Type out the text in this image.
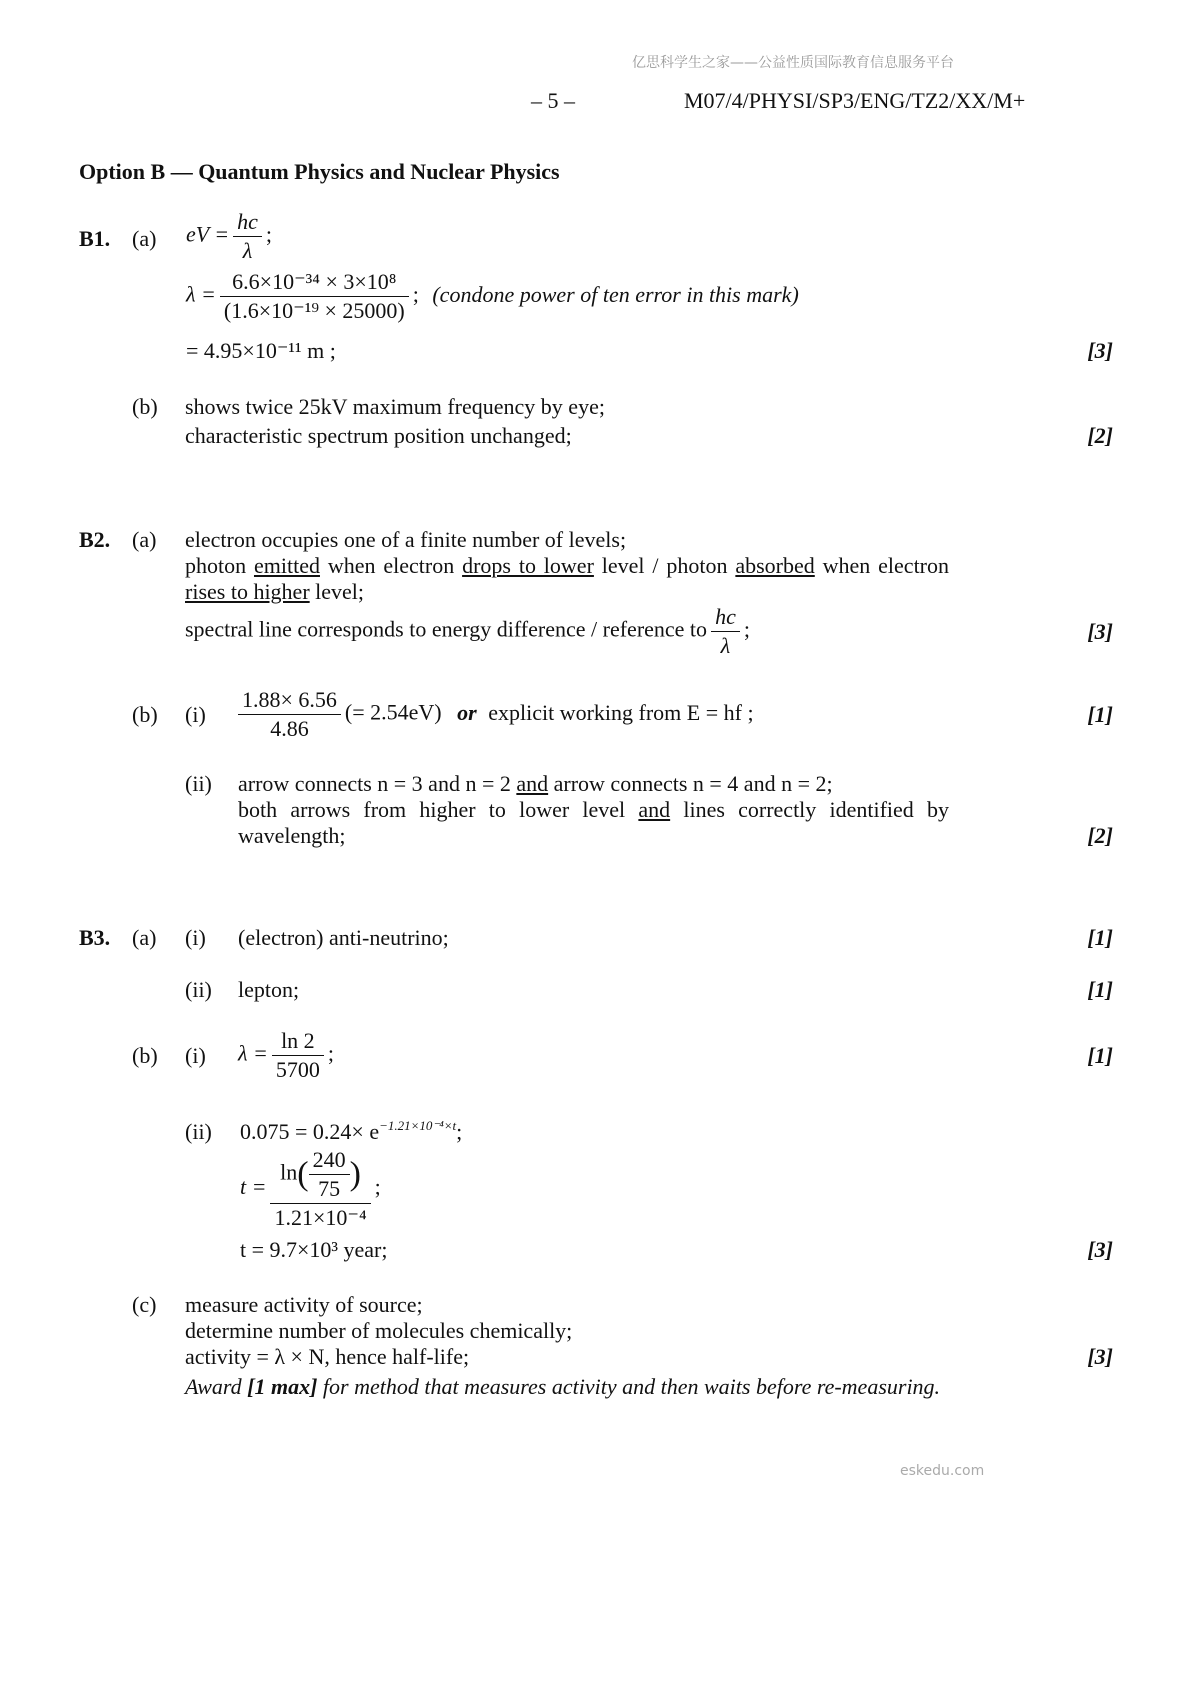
亿思科学生之家——公益性质国际教育信息服务平台
– 5 –	M07/4/PHYSI/SP3/ENG/TZ2/XX/M+
Option B — Quantum Physics and Nuclear Physics
B1. (a) eV = $\frac{hc}{\lambda}$ ;
$\lambda = \frac{\text{6.6×10⁻³⁴ × 3×10⁸}}{\text{(1.6×10⁻¹⁹ × 25000)}}$ ; (condone power of ten error in this mark)
= 4.95×10⁻¹¹ m ;	[3]
(b) shows twice 25kV maximum frequency by eye;
characteristic spectrum position unchanged;	[2]
B2. (a) electron occupies one of a finite number of levels;
photon emitted when electron drops to lower level / photon absorbed when electron rises to higher level;
spectral line corresponds to energy difference / reference to $\frac{hc}{\lambda}$ ;	[3]
(b) $(i) \frac{1.88\times 6.56}{4.86}$ (= 2.54eV) or explicit working from E = hf ;	[1]
(ii) arrow connects n = 3 and n = 2 and arrow connects n = 4 and n = 2;
both arrows from higher to lower level and lines correctly identified by wavelength;	[2]
B3. (a) (i) (electron) anti-neutrino;	[1]
(ii) lepton;	[1]
(b) (i) $\lambda = \frac{\ln 2}{5700}$ ;	[1]
(ii) $0.075 = 0.24\times e^{-1.21\times 10^{-4}\times t}$;
$t = \frac{\ln( \frac{240}{75} )}{\text{1.21×10⁻⁴}}$ ;
t = 9.7×10³ year;	[3]
(c) measure activity of source;
determine number of molecules chemically;
activity = λ × N, hence half-life;	[3]
Award [1 max] for method that measures activity and then waits before re-measuring.
eskedu.com
